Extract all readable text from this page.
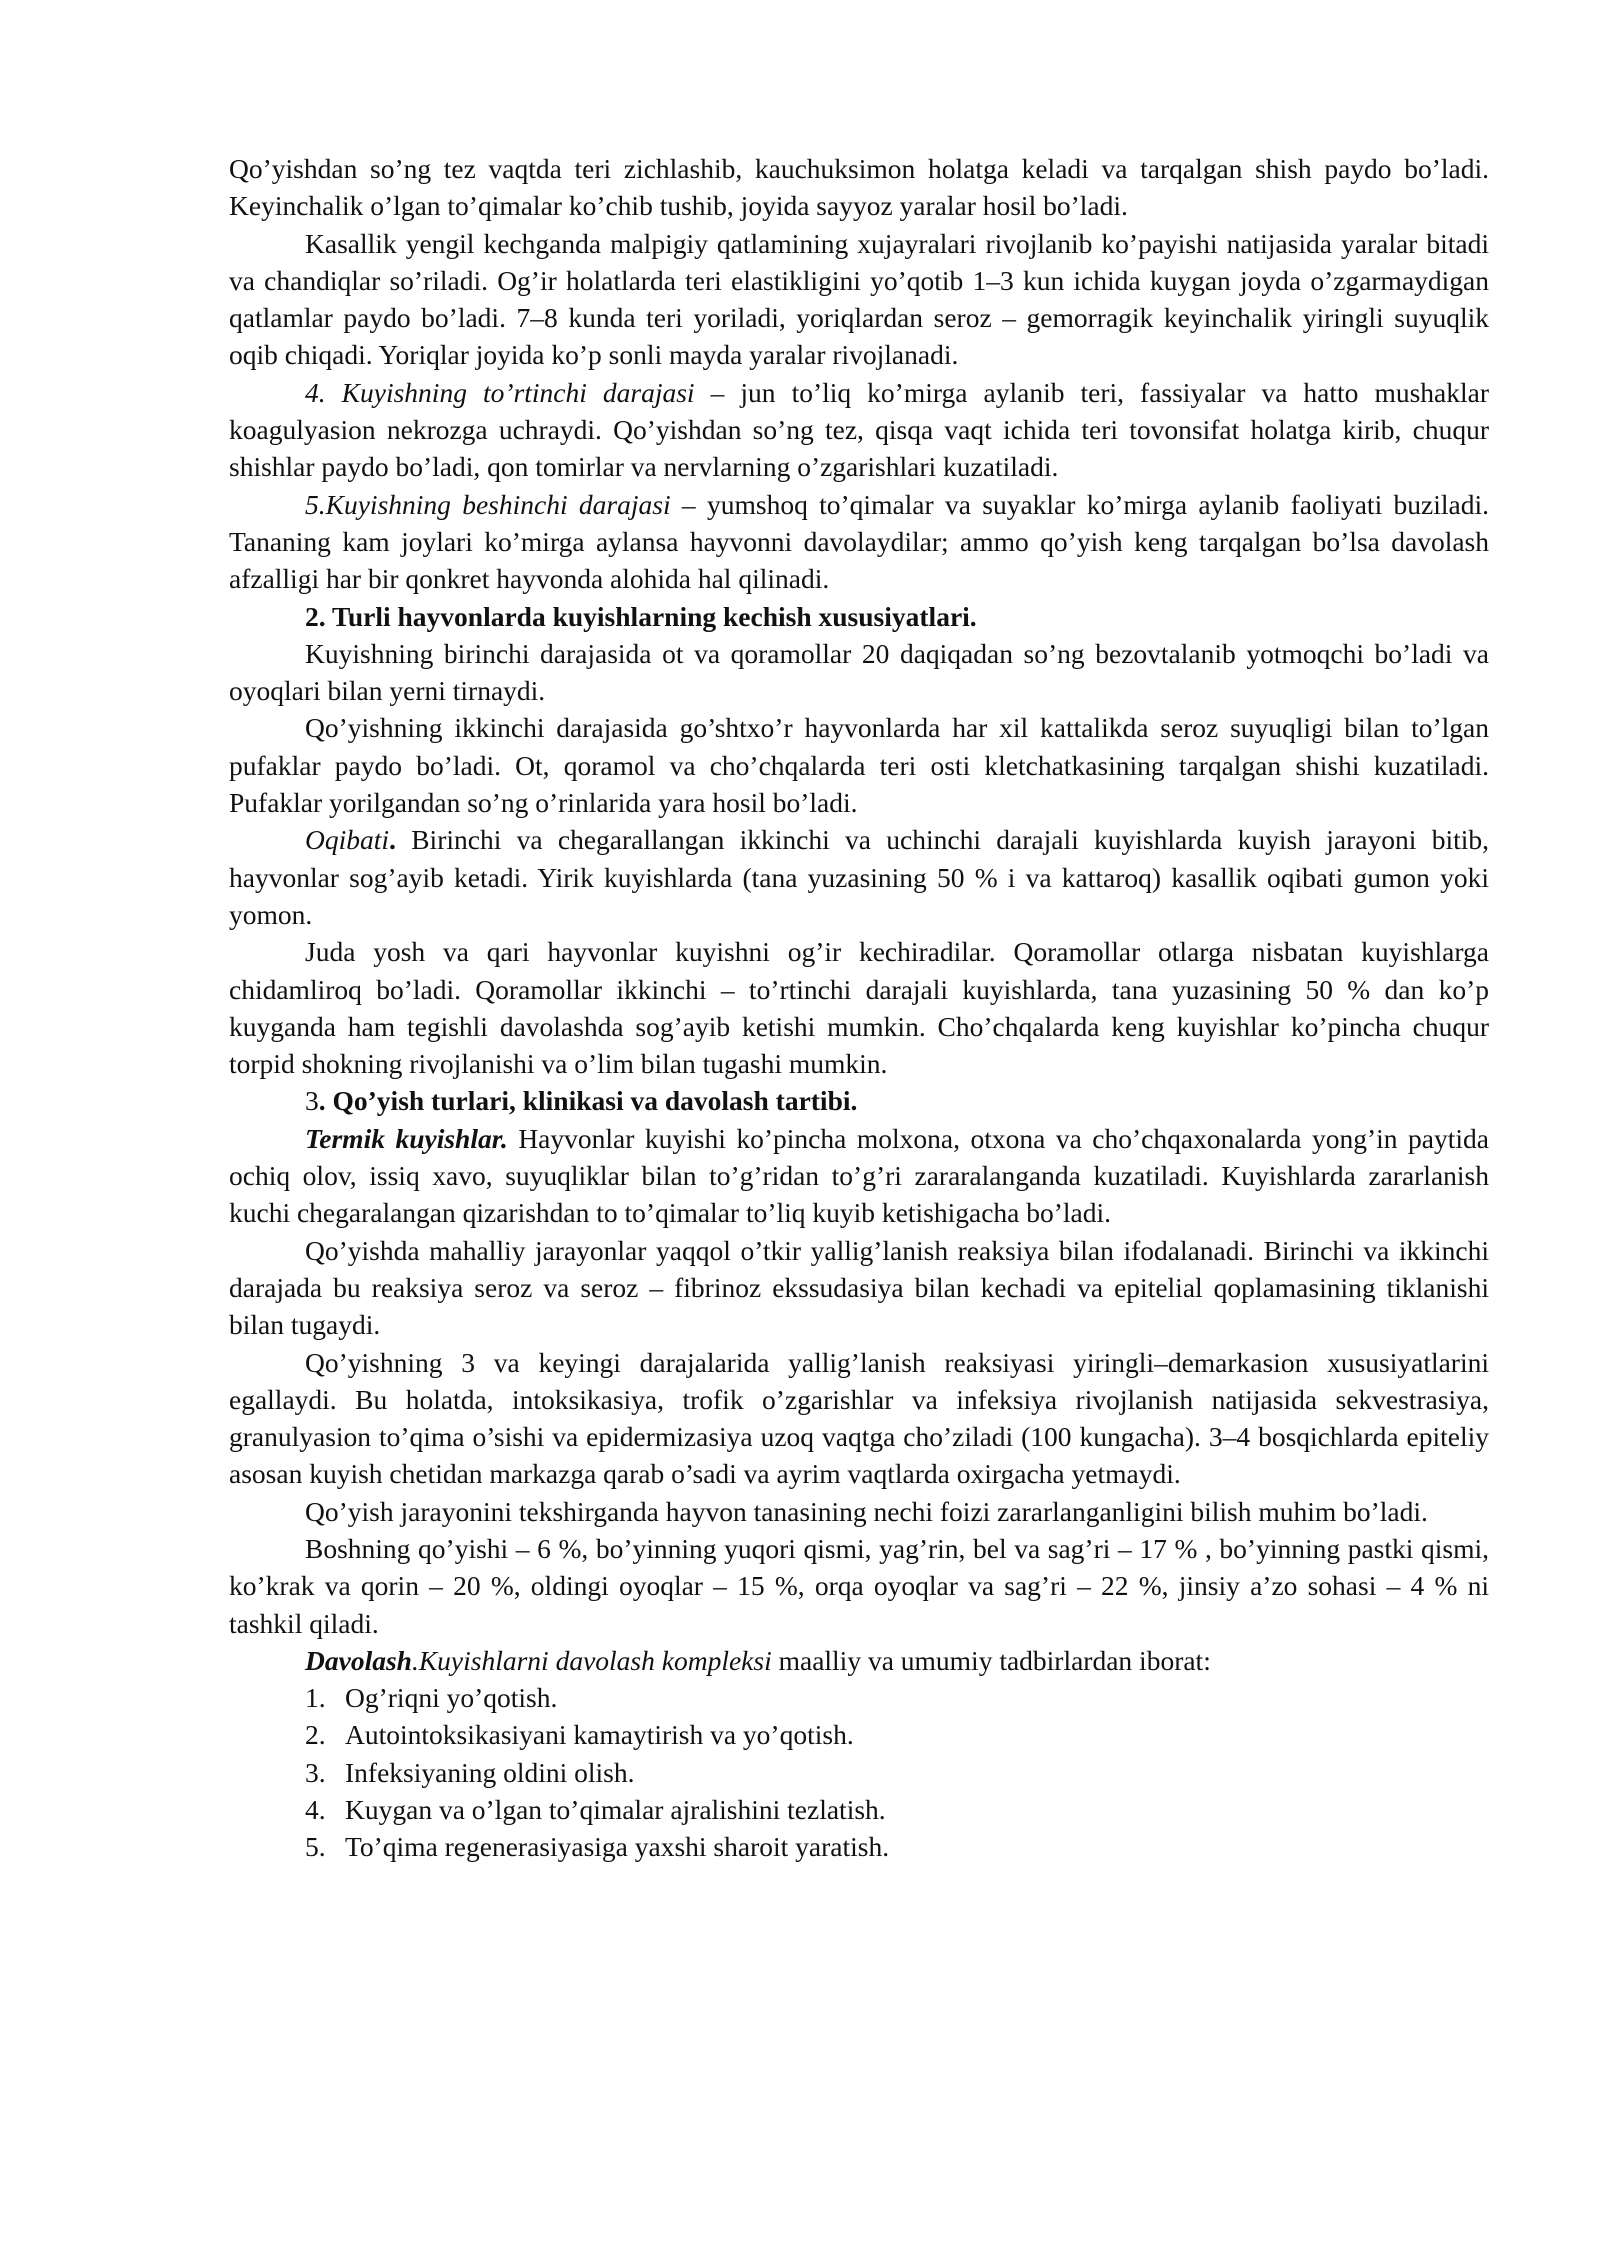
Qo’yishdan so’ng tez vaqtda teri zichlashib, kauchuksimon holatga keladi va tarqalgan shish paydo bo’ladi. Keyinchalik o’lgan to’qimalar ko’chib tushib, joyida sayyoz yaralar hosil bo’ladi.

Kasallik yengil kechganda malpigiy qatlamining xujayralari rivojlanib ko’payishi natijasida yaralar bitadi va chandiqlar so’riladi. Og’ir holatlarda teri elastikligini yo’qotib 1–3 kun ichida kuygan joyda o’zgarmaydigan qatlamlar paydo bo’ladi. 7–8 kunda teri yoriladi, yoriqlardan seroz – gemorragik keyinchalik yiringli suyuqlik oqib chiqadi. Yoriqlar joyida ko’p sonli mayda yaralar rivojlanadi.

4. Kuyishning to’rtinchi darajasi – jun to’liq ko’mirga aylanib teri, fassiyalar va hatto mushaklar koagulyasion nekrozga uchraydi. Qo’yishdan so’ng tez, qisqa vaqt ichida teri tovonsifat holatga kirib, chuqur shishlar paydo bo’ladi, qon tomirlar va nervlarning o’zgarishlari kuzatiladi.

5.Kuyishning beshinchi darajasi – yumshoq to’qimalar va suyaklar ko’mirga aylanib faoliyati buziladi. Tananing kam joylari ko’mirga aylansa hayvonni davolaydilar; ammo qo’yish keng tarqalgan bo’lsa davolash afzalligi har bir qonkret hayvonda alohida hal qilinadi.

2. Turli hayvonlarda kuyishlarning kechish xususiyatlari.

Kuyishning birinchi darajasida ot va qoramollar 20 daqiqadan so’ng bezovtalanib yotmoqchi bo’ladi va oyoqlari bilan yerni tirnaydi.

Qo’yishning ikkinchi darajasida go’shtxo’r hayvonlarda har xil kattalikda seroz suyuqligi bilan to’lgan pufaklar paydo bo’ladi. Ot, qoramol va cho’chqalarda teri osti kletchatkasining tarqalgan shishi kuzatiladi. Pufaklar yorilgandan so’ng o’rinlarida yara hosil bo’ladi.

Oqibati. Birinchi va chegarallangan ikkinchi va uchinchi darajali kuyishlarda kuyish jarayoni bitib, hayvonlar sog’ayib ketadi. Yirik kuyishlarda (tana yuzasining 50 % i va kattaroq) kasallik oqibati gumon yoki yomon.

Juda yosh va qari hayvonlar kuyishni og’ir kechiradilar. Qoramollar otlarga nisbatan kuyishlarga chidamliroq bo’ladi. Qoramollar ikkinchi – to’rtinchi darajali kuyishlarda, tana yuzasining 50 % dan ko’p kuyganda ham tegishli davolashda sog’ayib ketishi mumkin. Cho’chqalarda keng kuyishlar ko’pincha chuqur torpid shokning rivojlanishi va o’lim bilan tugashi mumkin.

3. Qo’yish turlari, klinikasi va davolash tartibi.

Termik kuyishlar. Hayvonlar kuyishi ko’pincha molxona, otxona va cho’chqaxonalarda yong’in paytida ochiq olov, issiq xavo, suyuqliklar bilan to’g’ridan to’g’ri zararalanganda kuzatiladi. Kuyishlarda zararlanish kuchi chegaralangan qizarishdan to to’qimalar to’liq kuyib ketishigacha bo’ladi.

Qo’yishda mahalliy jarayonlar yaqqol o’tkir yallig’lanish reaksiya bilan ifodalanadi. Birinchi va ikkinchi darajada bu reaksiya seroz va seroz – fibrinoz ekssudasiya bilan kechadi va epitelial qoplamasining tiklanishi bilan tugaydi.

Qo’yishning 3 va keyingi darajalarida yallig’lanish reaksiyasi yiringli–demarkasion xususiyatlarini egallaydi. Bu holatda, intoksikasiya, trofik o’zgarishlar va infeksiya rivojlanish natijasida sekvestrasiya, granulyasion to’qima o’sishi va epidermizasiya uzoq vaqtga cho’ziladi (100 kungacha). 3–4 bosqichlarda epiteliy asosan kuyish chetidan markazga qarab o’sadi va ayrim vaqtlarda oxirgacha yetmaydi.

Qo’yish jarayonini tekshirganda hayvon tanasining nechi foizi zararlanganligini bilish muhim bo’ladi.

Boshning qo’yishi – 6 %, bo’yinning yuqori qismi, yag’rin, bel va sag’ri – 17 % , bo’yinning pastki qismi, ko’krak va qorin – 20 %, oldingi oyoqlar – 15 %, orqa oyoqlar va sag’ri – 22 %, jinsiy a’zo sohasi – 4 % ni tashkil qiladi.

Davolash.Kuyishlarni davolash kompleksi maalliy va umumiy tadbirlardan iborat:

1. Og’riqni yo’qotish.
2. Autointoksikasiyani kamaytirish va yo’qotish.
3. Infeksiyaning oldini olish.
4. Kuygan va o’lgan to’qimalar ajralishini tezlatish.
5. To’qima regenerasiyasiga yaxshi sharoit yaratish.
